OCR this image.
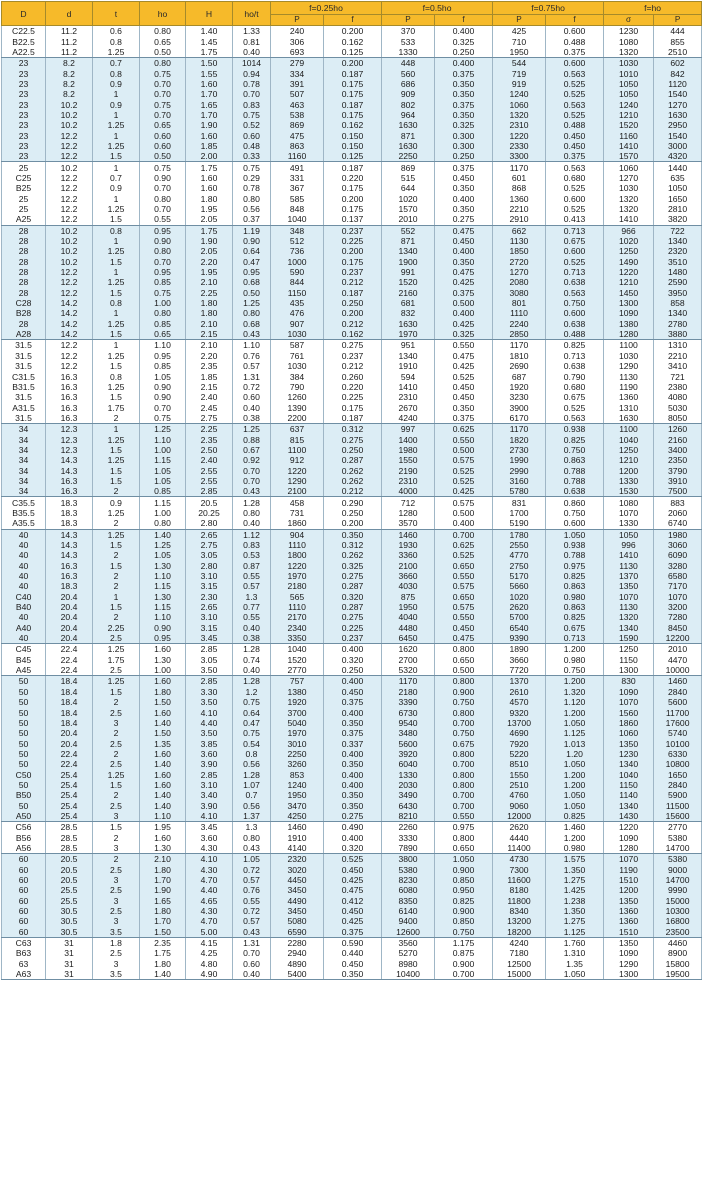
D	d	t	ho	H	ho/t	f=0.25ho		f=0.5ho		f=0.75ho		f=ho	
						P	f	P	f	P	f	σ	P
C22.5	11.2	0.6	0.80	1.40	1.33	240	0.200	370	0.400	425	0.600	1230	444
B22.5	11.2	0.8	0.65	1.45	0.81	306	0.162	533	0.325	710	0.488	1080	855
A22.5	11.2	1.25	0.50	1.75	0.40	693	0.125	1330	0.250	1950	0.375	1320	2510
23	8.2	0.7	0.80	1.50	1014	279	0.200	448	0.400	544	0.600	1030	602
23	8.2	0.8	0.75	1.55	0.94	334	0.187	560	0.375	719	0.563	1010	842
23	8.2	0.9	0.70	1.60	0.78	391	0.175	686	0.350	919	0.525	1050	1120
23	8.2	1	0.70	1.70	0.70	507	0.175	909	0.350	1240	0.525	1050	1540
23	10.2	0.9	0.75	1.65	0.83	463	0.187	802	0.375	1060	0.563	1240	1270
23	10.2	1	0.70	1.70	0.75	538	0.175	964	0.350	1320	0.525	1210	1630
23	10.2	1.25	0.65	1.90	0.52	869	0.162	1630	0.325	2310	0.488	1520	2950
23	12.2	1	0.60	1.60	0.60	475	0.150	871	0.300	1220	0.450	1160	1540
23	12.2	1.25	0.60	1.85	0.48	863	0.150	1630	0.300	2330	0.450	1410	3000
23	12.2	1.5	0.50	2.00	0.33	1160	0.125	2250	0.250	3300	0.375	1570	4320
25	10.2	1	0.75	1.75	0.75	491	0.187	869	0.375	1170	0.563	1060	1440
C25	12.2	0.7	0.90	1.60	0.29	331	0.220	515	0.450	601	0.680	1270	635
B25	12.2	0.9	0.70	1.60	0.78	367	0.175	644	0.350	868	0.525	1030	1050
25	12.2	1	0.80	1.80	0.80	585	0.200	1020	0.400	1360	0.600	1320	1650
25	12.2	1.25	0.70	1.95	0.56	848	0.175	1570	0.350	2210	0.525	1320	2810
A25	12.2	1.5	0.55	2.05	0.37	1040	0.137	2010	0.275	2910	0.413	1410	3820
28	10.2	0.8	0.95	1.75	1.19	348	0.237	552	0.475	662	0.713	966	722
28	10.2	1	0.90	1.90	0.90	512	0.225	871	0.450	1130	0.675	1020	1340
28	10.2	1.25	0.80	2.05	0.64	736	0.200	1340	0.400	1850	0.600	1250	2320
28	10.2	1.5	0.70	2.20	0.47	1000	0.175	1900	0.350	2720	0.525	1490	3510
28	12.2	1	0.95	1.95	0.95	590	0.237	991	0.475	1270	0.713	1220	1480
28	12.2	1.25	0.85	2.10	0.68	844	0.212	1520	0.425	2080	0.638	1210	2590
28	12.2	1.5	0.75	2.25	0.50	1150	0.187	2160	0.375	3080	0.563	1450	3950
C28	14.2	0.8	1.00	1.80	1.25	435	0.250	681	0.500	801	0.750	1300	858
B28	14.2	1	0.80	1.80	0.80	476	0.200	832	0.400	1110	0.600	1090	1340
28	14.2	1.25	0.85	2.10	0.68	907	0.212	1630	0.425	2240	0.638	1380	2780
A28	14.2	1.5	0.65	2.15	0.43	1030	0.162	1970	0.325	2850	0.488	1280	3880
31.5	12.2	1	1.10	2.10	1.10	587	0.275	951	0.550	1170	0.825	1100	1310
31.5	12.2	1.25	0.95	2.20	0.76	761	0.237	1340	0.475	1810	0.713	1030	2210
31.5	12.2	1.5	0.85	2.35	0.57	1030	0.212	1910	0.425	2690	0.638	1290	3410
C31.5	16.3	0.8	1.05	1.85	1.31	384	0.260	594	0.525	687	0.790	1130	721
B31.5	16.3	1.25	0.90	2.15	0.72	790	0.220	1410	0.450	1920	0.680	1190	2380
31.5	16.3	1.5	0.90	2.40	0.60	1260	0.225	2310	0.450	3230	0.675	1360	4080
A31.5	16.3	1.75	0.70	2.45	0.40	1390	0.175	2670	0.350	3900	0.525	1310	5030
31.5	16.3	2	0.75	2.75	0.38	2200	0.187	4240	0.375	6170	0.563	1630	8050
34	12.3	1	1.25	2.25	1.25	637	0.312	997	0.625	1170	0.938	1100	1260
34	12.3	1.25	1.10	2.35	0.88	815	0.275	1400	0.550	1820	0.825	1040	2160
34	12.3	1.5	1.00	2.50	0.67	1100	0.250	1980	0.500	2730	0.750	1250	3400
34	14.3	1.25	1.15	2.40	0.92	912	0.287	1550	0.575	1990	0.863	1210	2350
34	14.3	1.5	1.05	2.55	0.70	1220	0.262	2190	0.525	2990	0.788	1200	3790
34	16.3	1.5	1.05	2.55	0.70	1290	0.262	2310	0.525	3160	0.788	1330	3910
34	16.3	2	0.85	2.85	0.43	2100	0.212	4000	0.425	5780	0.638	1530	7500
C35.5	18.3	0.9	1.15	20.5	1.28	458	0.290	712	0.575	831	0.860	1080	883
B35.5	18.3	1.25	1.00	20.25	0.80	731	0.250	1280	0.500	1700	0.750	1070	2060
A35.5	18.3	2	0.80	2.80	0.40	1860	0.200	3570	0.400	5190	0.600	1330	6740
40	14.3	1.25	1.40	2.65	1.12	904	0.350	1460	0.700	1780	1.050	1050	1980
40	14.3	1.5	1.25	2.75	0.83	1110	0.312	1930	0.625	2550	0.938	996	3060
40	14.3	2	1.05	3.05	0.53	1800	0.262	3360	0.525	4770	0.788	1410	6090
40	16.3	1.5	1.30	2.80	0.87	1220	0.325	2100	0.650	2750	0.975	1130	3280
40	16.3	2	1.10	3.10	0.55	1970	0.275	3660	0.550	5170	0.825	1370	6580
40	18.3	2	1.15	3.15	0.57	2180	0.287	4030	0.575	5660	0.863	1350	7170
C40	20.4	1	1.30	2.30	1.3	565	0.320	875	0.650	1020	0.980	1070	1070
B40	20.4	1.5	1.15	2.65	0.77	1110	0.287	1950	0.575	2620	0.863	1130	3200
40	20.4	2	1.10	3.10	0.55	2170	0.275	4040	0.550	5700	0.825	1320	7280
A40	20.4	2.25	0.90	3.15	0.40	2340	0.225	4480	0.450	6540	0.675	1340	8450
40	20.4	2.5	0.95	3.45	0.38	3350	0.237	6450	0.475	9390	0.713	1590	12200
C45	22.4	1.25	1.60	2.85	1.28	1040	0.400	1620	0.800	1890	1.200	1250	2010
B45	22.4	1.75	1.30	3.05	0.74	1520	0.320	2700	0.650	3660	0.980	1150	4470
A45	22.4	2.5	1.00	3.50	0.40	2770	0.250	5320	0.500	7720	0.750	1300	10000
50	18.4	1.25	1.60	2.85	1.28	757	0.400	1170	0.800	1370	1.200	830	1460
50	18.4	1.5	1.80	3.30	1.2	1380	0.450	2180	0.900	2610	1.320	1090	2840
50	18.4	2	1.50	3.50	0.75	1920	0.375	3390	0.750	4570	1.120	1070	5600
50	18.4	2.5	1.60	4.10	0.64	3700	0.400	6730	0.800	9320	1.200	1560	11700
50	18.4	3	1.40	4.40	0.47	5040	0.350	9540	0.700	13700	1.050	1860	17600
50	20.4	2	1.50	3.50	0.75	1970	0.375	3480	0.750	4690	1.125	1060	5740
50	20.4	2.5	1.35	3.85	0.54	3010	0.337	5600	0.675	7920	1.013	1350	10100
50	22.4	2	1.60	3.60	0.8	2250	0.400	3920	0.800	5220	1.20	1230	6330
50	22.4	2.5	1.40	3.90	0.56	3260	0.350	6040	0.700	8510	1.050	1340	10800
C50	25.4	1.25	1.60	2.85	1.28	853	0.400	1330	0.800	1550	1.200	1040	1650
50	25.4	1.5	1.60	3.10	1.07	1240	0.400	2030	0.800	2510	1.200	1150	2840
B50	25.4	2	1.40	3.40	0.7	1950	0.350	3490	0.700	4760	1.050	1140	5900
50	25.4	2.5	1.40	3.90	0.56	3470	0.350	6430	0.700	9060	1.050	1340	11500
A50	25.4	3	1.10	4.10	1.37	4250	0.275	8210	0.550	12000	0.825	1430	15600
C56	28.5	1.5	1.95	3.45	1.3	1460	0.490	2260	0.975	2620	1.460	1220	2770
B56	28.5	2	1.60	3.60	0.80	1910	0.400	3330	0.800	4440	1.200	1090	5380
A56	28.5	3	1.30	4.30	0.43	4140	0.320	7890	0.650	11400	0.980	1280	14700
60	20.5	2	2.10	4.10	1.05	2320	0.525	3800	1.050	4730	1.575	1070	5380
60	20.5	2.5	1.80	4.30	0.72	3020	0.450	5380	0.900	7300	1.350	1190	9000
60	20.5	3	1.70	4.70	0.57	4450	0.425	8230	0.850	11600	1.275	1510	14700
60	25.5	2.5	1.90	4.40	0.76	3450	0.475	6080	0.950	8180	1.425	1200	9990
60	25.5	3	1.65	4.65	0.55	4490	0.412	8350	0.825	11800	1.238	1350	15000
60	30.5	2.5	1.80	4.30	0.72	3450	0.450	6140	0.900	8340	1.350	1360	10300
60	30.5	3	1.70	4.70	0.57	5080	0.425	9400	0.850	13200	1.275	1360	16800
60	30.5	3.5	1.50	5.00	0.43	6590	0.375	12600	0.750	18200	1.125	1510	23500
C63	31	1.8	2.35	4.15	1.31	2280	0.590	3560	1.175	4240	1.760	1350	4460
B63	31	2.5	1.75	4.25	0.70	2940	0.440	5270	0.875	7180	1.310	1090	8900
63	31	3	1.80	4.80	0.60	4890	0.450	8980	0.900	12500	1.35	1290	15800
A63	31	3.5	1.40	4.90	0.40	5400	0.350	10400	0.700	15000	1.050	1300	19500
